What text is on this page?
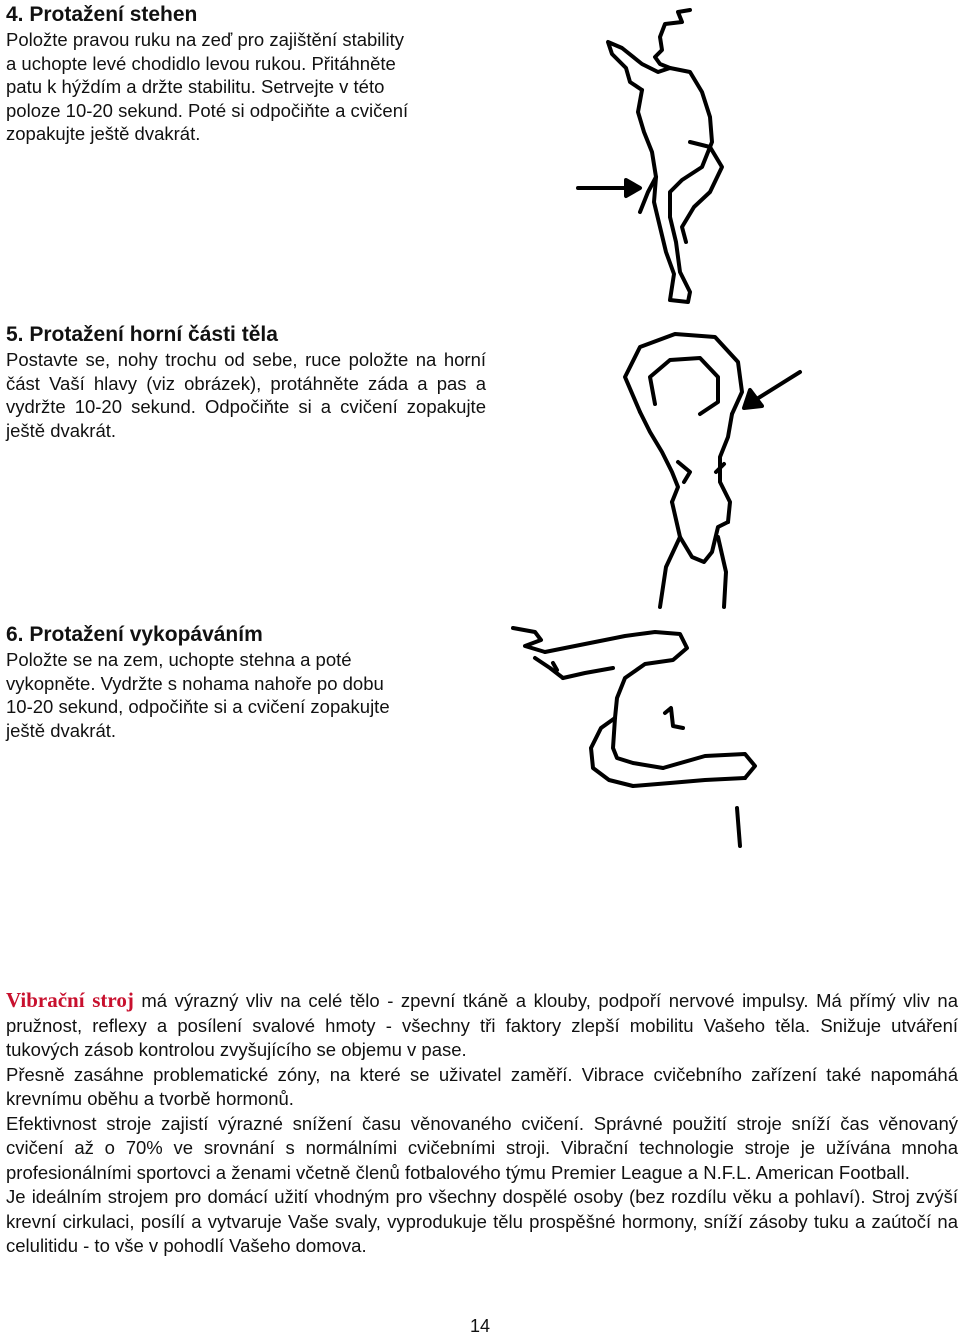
4. Protažení stehen

Položte pravou ruku na zeď pro zajištění stability

a uchopte levé chodidlo levou rukou. Přitáhněte

patu k hýždím a držte stabilitu. Setrvejte v této

poloze 10-20 sekund. Poté si odpočiňte a cvičení

zopakujte ještě dvakrát.

5. Protažení horní části těla

Postavte se, nohy trochu od sebe, ruce položte na horní část Vaší hlavy (viz obrázek), protáhněte záda a pas a vydržte 10-20 sekund. Odpočiňte si a cvičení zopakujte ještě dvakrát.

6. Protažení vykopáváním

Položte se na zem, uchopte stehna a poté

vykopněte. Vydržte s nohama nahoře po dobu

10-20 sekund, odpočiňte si a cvičení zopakujte

ještě dvakrát.

Vibrační stroj má výrazný vliv na celé tělo - zpevní tkáně a klouby, podpoří nervové impulsy. Má přímý vliv na pružnost, reflexy a posílení svalové hmoty - všechny tři faktory zlepší mobilitu Vašeho těla. Snižuje utváření tukových zásob kontrolou zvyšujícího se objemu v pase.

Přesně zasáhne problematické zóny, na které se uživatel zaměří. Vibrace cvičebního zařízení také napomáhá krevnímu oběhu a tvorbě hormonů.

Efektivnost stroje zajistí výrazné snížení času věnovaného cvičení. Správné použití stroje sníží čas věnovaný cvičení až o 70% ve srovnání s normálními cvičebními stroji. Vibrační technologie stroje je užívána mnoha profesionálními sportovci a ženami včetně členů fotbalového týmu Premier League a N.F.L. American Football.

Je ideálním strojem pro domácí užití vhodným pro všechny dospělé osoby (bez rozdílu věku a pohlaví). Stroj zvýší krevní cirkulaci, posílí a vytvaruje Vaše svaly, vyprodukuje tělu prospěšné hormony, sníží zásoby tuku a zaútočí na celulitidu - to vše v pohodlí Vašeho domova.

14
